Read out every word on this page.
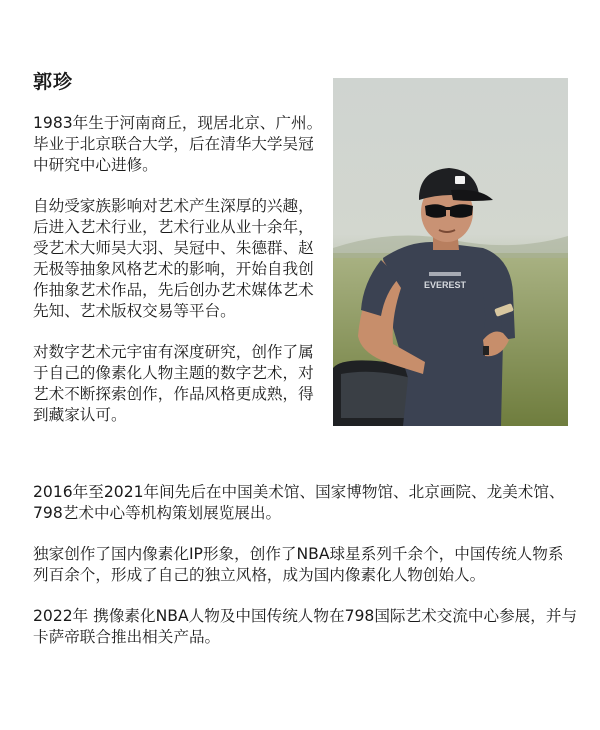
郭珍

1983年生于河南商丘，现居北京、广州。毕业于北京联合大学，后在清华大学吴冠中研究中心进修。

自幼受家族影响对艺术产生深厚的兴趣，后进入艺术行业，艺术行业从业十余年，受艺术大师吴大羽、吴冠中、朱德群、赵无极等抽象风格艺术的影响，开始自我创作抽象艺术作品，先后创办艺术媒体艺术先知、艺术版权交易等平台。

对数字艺术元宇宙有深度研究，创作了属于自己的像素化人物主题的数字艺术，对艺术不断探索创作，作品风格更成熟，得到藏家认可。

EVEREST

2016年至2021年间先后在中国美术馆、国家博物馆、北京画院、龙美术馆、798艺术中心等机构策划展览展出。

独家创作了国内像素化IP形象，创作了NBA球星系列千余个，中国传统人物系列百余个，形成了自己的独立风格，成为国内像素化人物创始人。

2022年 携像素化NBA人物及中国传统人物在798国际艺术交流中心参展，并与卡萨帝联合推出相关产品。
